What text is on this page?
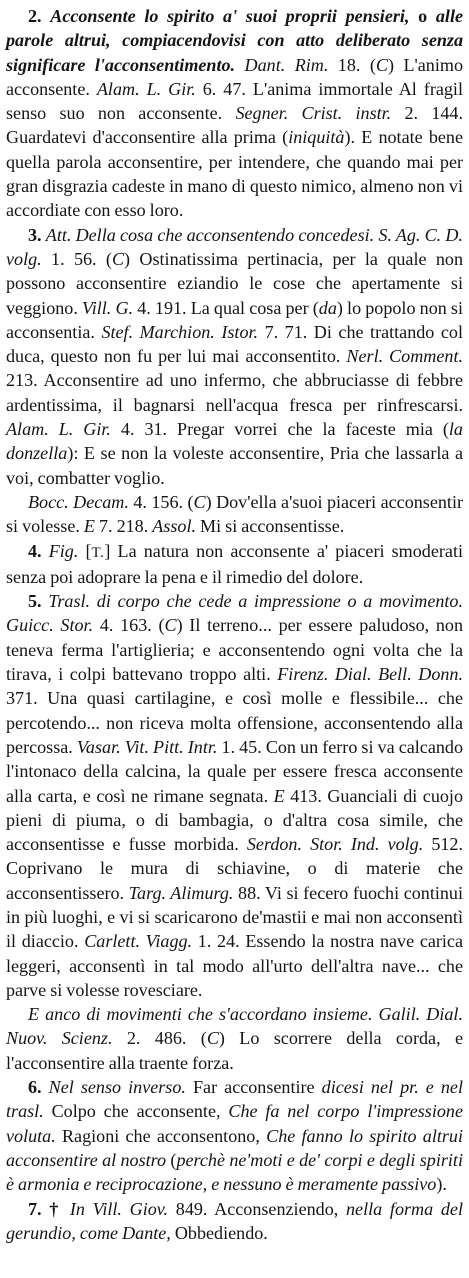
2. Acconsente lo spirito a' suoi proprii pensieri, o alle parole altrui, compiacendovisi con atto deliberato senza significare l'acconsentimento. Dant. Rim. 18. (C) L'animo acconsente. Alam. L. Gir. 6. 47. L'anima immortale Al fragil senso suo non acconsente. Segner. Crist. instr. 2. 144. Guardatevi d'acconsentire alla prima (iniquità). E notate bene quella parola acconsentire, per intendere, che quando mai per gran disgrazia cadeste in mano di questo nimico, almeno non vi accordiate con esso loro.

3. Att. Della cosa che acconsentendo concedesi. S. Ag. C. D. volg. 1. 56. (C) Ostinatissima pertinacia, per la quale non possono acconsentire eziandio le cose che apertamente si veggiono. Vill. G. 4. 191. La qual cosa per (da) lo popolo non si acconsentia. Stef. Marchion. Istor. 7. 71. Di che trattando col duca, questo non fu per lui mai acconsentito. Nerl. Comment. 213. Acconsentire ad uno infermo, che abbruciasse di febbre ardentissima, il bagnarsi nell'acqua fresca per rinfrescarsi. Alam. L. Gir. 4. 31. Pregar vorrei che la faceste mia (la donzella): E se non la voleste acconsentire, Pria che lassarla a voi, combatter voglio.

Bocc. Decam. 4. 156. (C) Dov'ella a'suoi piaceri acconsentir si volesse. E 7. 218. Assol. Mi si acconsentisse.

4. Fig. [T.] La natura non acconsente a' piaceri smoderati senza poi adoprare la pena e il rimedio del dolore.

5. Trasl. di corpo che cede a impressione o a movimento. Guicc. Stor. 4. 163. (C) Il terreno... per essere paludoso, non teneva ferma l'artiglieria; e acconsentendo ogni volta che la tirava, i colpi battevano troppo alti. Firenz. Dial. Bell. Donn. 371. Una quasi cartilagine, e così molle e flessibile... che percotendo... non riceva molta offensione, acconsentendo alla percossa. Vasar. Vit. Pitt. Intr. 1. 45. Con un ferro si va calcando l'intonaco della calcina, la quale per essere fresca acconsente alla carta, e così ne rimane segnata. E 413. Guanciali di cuojo pieni di piuma, o di bambagia, o d'altra cosa simile, che acconsentisse e fusse morbida. Serdon. Stor. Ind. volg. 512. Coprivano le mura di schiavine, o di materie che acconsentissero. Targ. Alimurg. 88. Vi si fecero fuochi continui in più luoghi, e vi si scaricarono de'mastii e mai non acconsentì il diaccio. Carlett. Viagg. 1. 24. Essendo la nostra nave carica leggeri, acconsentì in tal modo all'urto dell'altra nave... che parve si volesse rovesciare.

E anco di movimenti che s'accordano insieme. Galil. Dial. Nuov. Scienz. 2. 486. (C) Lo scorrere della corda, e l'acconsentire alla traente forza.

6. Nel senso inverso. Far acconsentire dicesi nel pr. e nel trasl. Colpo che acconsente, Che fa nel corpo l'impressione voluta. Ragioni che acconsentono, Che fanno lo spirito altrui acconsentire al nostro (perchè ne'moti e de' corpi e degli spiriti è armonia e reciprocazione, e nessuno è meramente passivo).

7. † In Vill. Giov. 849. Acconsenziendo, nella forma del gerundio, come Dante, Obbediendo.
